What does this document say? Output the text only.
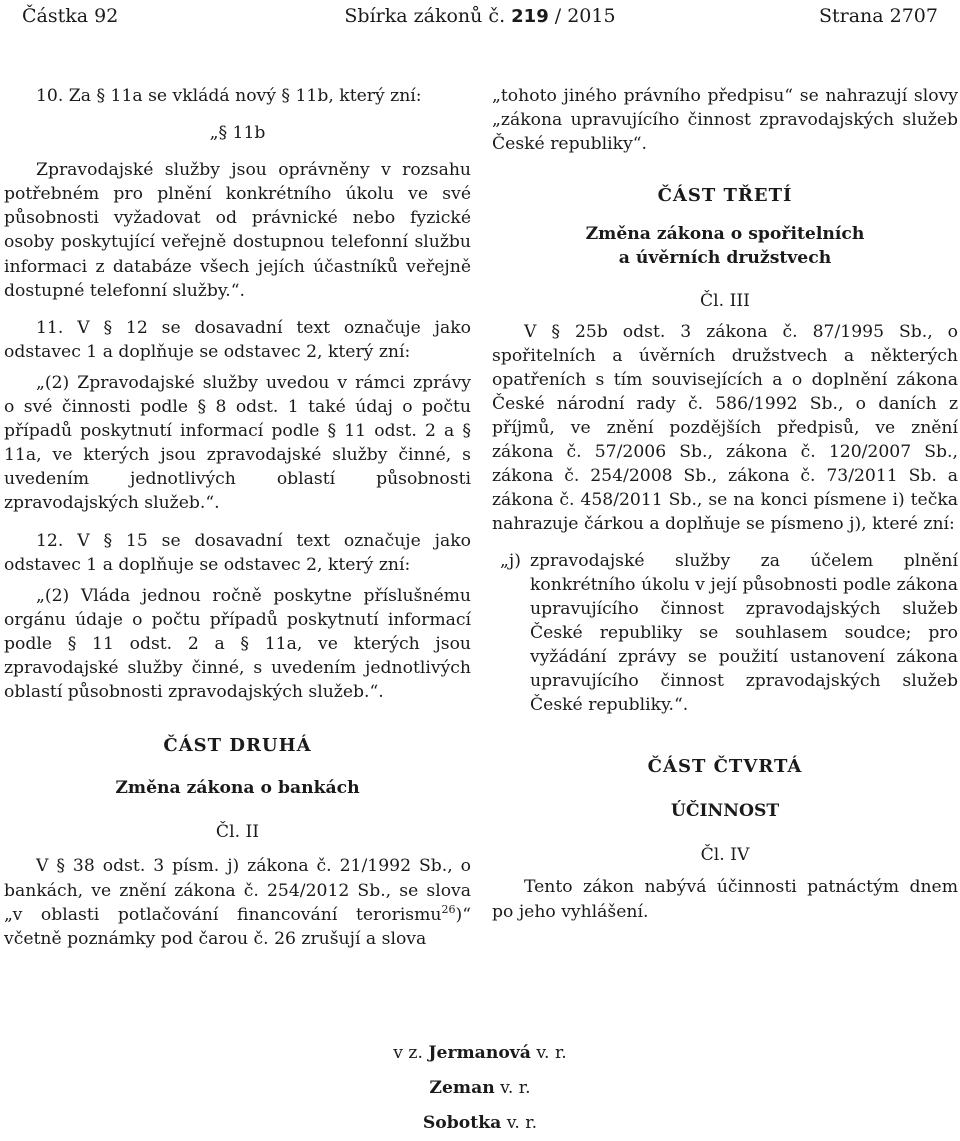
Částka 92	Sbírka zákonů č. 219 / 2015	Strana 2707

10. Za § 11a se vkládá nový § 11b, který zní:

„§ 11b

Zpravodajské služby jsou oprávněny v rozsahu potřebném pro plnění konkrétního úkolu ve své působnosti vyžadovat od právnické nebo fyzické osoby poskytující veřejně dostupnou telefonní službu informaci z databáze všech jejích účastníků veřejně dostupné telefonní služby.“.

11. V § 12 se dosavadní text označuje jako odstavec 1 a doplňuje se odstavec 2, který zní:

„(2) Zpravodajské služby uvedou v rámci zprávy o své činnosti podle § 8 odst. 1 také údaj o počtu případů poskytnutí informací podle § 11 odst. 2 a § 11a, ve kterých jsou zpravodajské služby činné, s uvedením jednotlivých oblastí působnosti zpravodajských služeb.“.

12. V § 15 se dosavadní text označuje jako odstavec 1 a doplňuje se odstavec 2, který zní:

„(2) Vláda jednou ročně poskytne příslušnému orgánu údaje o počtu případů poskytnutí informací podle § 11 odst. 2 a § 11a, ve kterých jsou zpravodajské služby činné, s uvedením jednotlivých oblastí působnosti zpravodajských služeb.“.

ČÁST DRUHÁ

Změna zákona o bankách

Čl. II

V § 38 odst. 3 písm. j) zákona č. 21/1992 Sb., o bankách, ve znění zákona č. 254/2012 Sb., se slova „v oblasti potlačování financování terorismu$^{26}$)“ včetně poznámky pod čarou č. 26 zrušují a slova

„tohoto jiného právního předpisu“ se nahrazují slovy „zákona upravujícího činnost zpravodajských služeb České republiky“.

ČÁST TŘETÍ

Změna zákona o spořitelních

a úvěrních družstvech

Čl. III

V § 25b odst. 3 zákona č. 87/1995 Sb., o spořitelních a úvěrních družstvech a některých opatřeních s tím souvisejících a o doplnění zákona České národní rady č. 586/1992 Sb., o daních z příjmů, ve znění pozdějších předpisů, ve znění zákona č. 57/2006 Sb., zákona č. 120/2007 Sb., zákona č. 254/2008 Sb., zákona č. 73/2011 Sb. a zákona č. 458/2011 Sb., se na konci písmene i) tečka nahrazuje čárkou a doplňuje se písmeno j), které zní:

„j) zpravodajské služby za účelem plnění konkrétního úkolu v její působnosti podle zákona upravujícího činnost zpravodajských služeb České republiky se souhlasem soudce; pro vyžádání zprávy se použití ustanovení zákona upravujícího činnost zpravodajských služeb České republiky.“.

ČÁST ČTVRTÁ

ÚČINNOST

Čl. IV

Tento zákon nabývá účinnosti patnáctým dnem po jeho vyhlášení.

v z. Jermanová v. r.
Zeman v. r.
Sobotka v. r.
